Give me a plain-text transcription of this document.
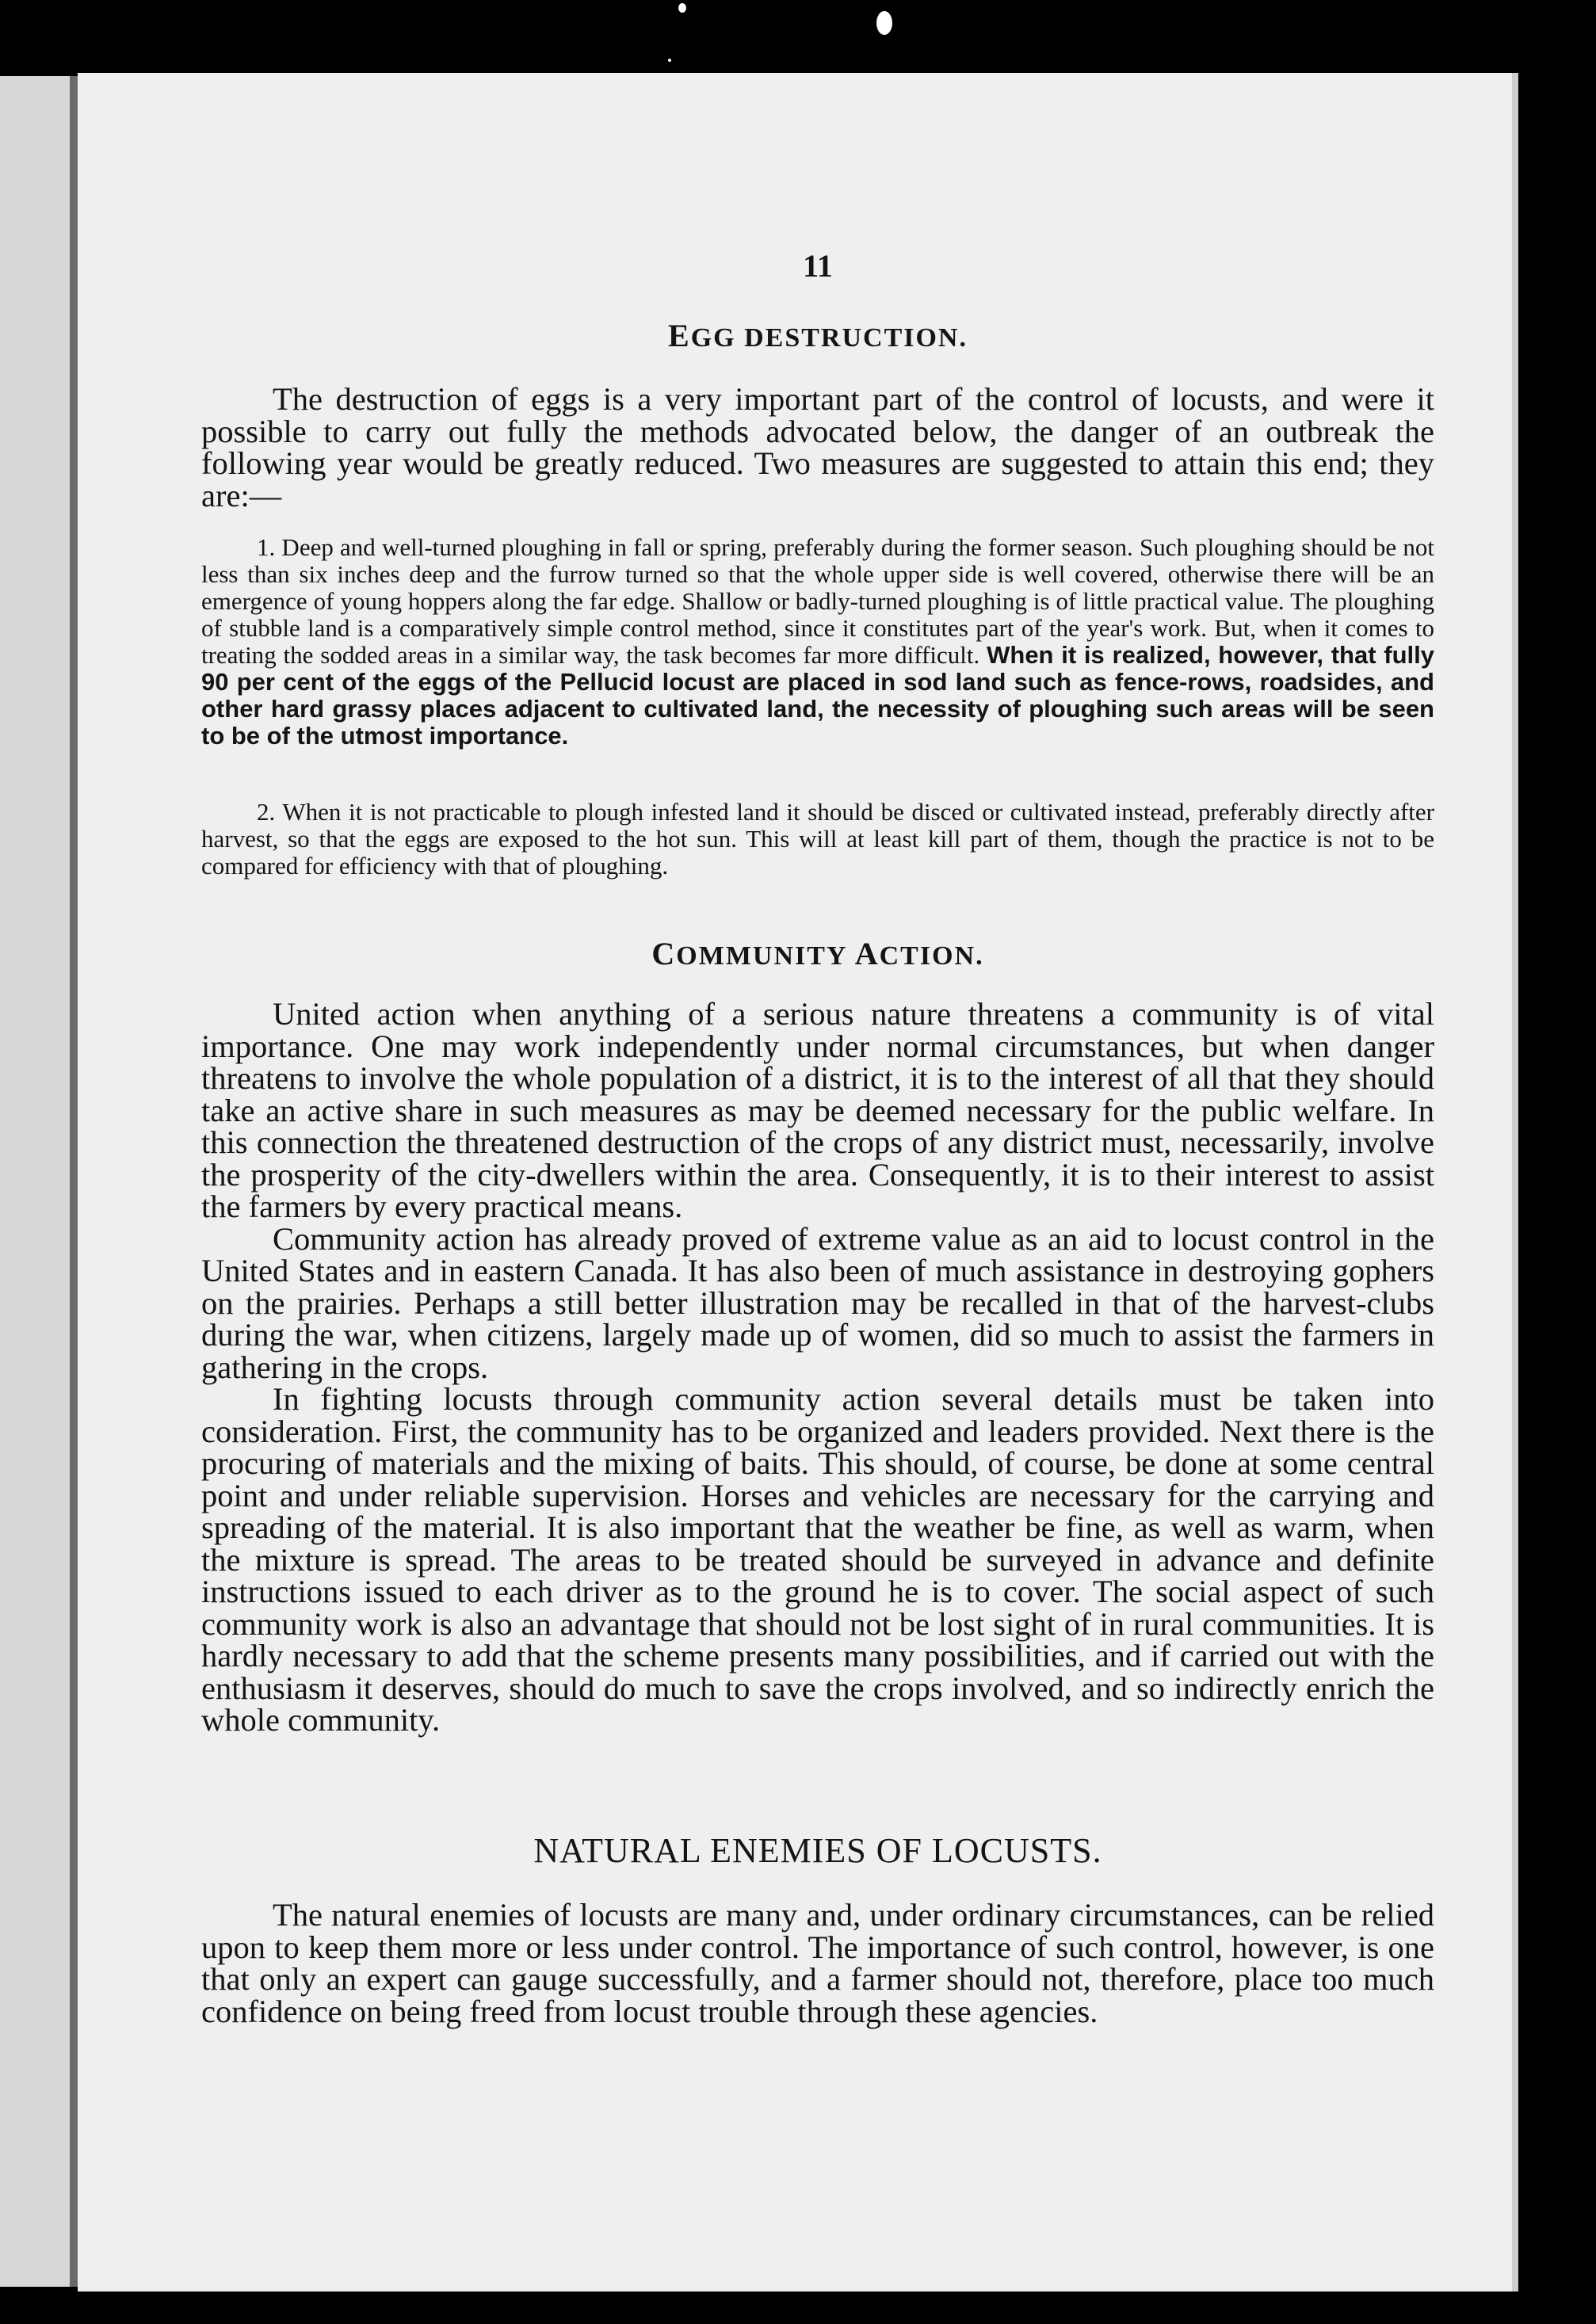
11
EGG DESTRUCTION.

The destruction of eggs is a very important part of the control of locusts, and were it possible to carry out fully the methods advocated below, the danger of an outbreak the following year would be greatly reduced. Two measures are suggested to attain this end; they are:—

1. Deep and well-turned ploughing in fall or spring, preferably during the former season. Such ploughing should be not less than six inches deep and the furrow turned so that the whole upper side is well covered, otherwise there will be an emergence of young hoppers along the far edge. Shallow or badly-turned ploughing is of little practical value. The ploughing of stubble land is a comparatively simple control method, since it constitutes part of the year's work. But, when it comes to treating the sodded areas in a similar way, the task becomes far more difficult. When it is realized, however, that fully 90 per cent of the eggs of the Pellucid locust are placed in sod land such as fence-rows, roadsides, and other hard grassy places adjacent to cultivated land, the necessity of ploughing such areas will be seen to be of the utmost importance.

2. When it is not practicable to plough infested land it should be disced or cultivated instead, preferably directly after harvest, so that the eggs are exposed to the hot sun. This will at least kill part of them, though the practice is not to be compared for efficiency with that of ploughing.

COMMUNITY ACTION.

United action when anything of a serious nature threatens a community is of vital importance. One may work independently under normal circumstances, but when danger threatens to involve the whole population of a district, it is to the interest of all that they should take an active share in such measures as may be deemed necessary for the public welfare. In this connection the threatened destruction of the crops of any district must, necessarily, involve the prosperity of the city-dwellers within the area. Consequently, it is to their interest to assist the farmers by every practical means.

Community action has already proved of extreme value as an aid to locust control in the United States and in eastern Canada. It has also been of much assistance in destroying gophers on the prairies. Perhaps a still better illustration may be recalled in that of the harvest-clubs during the war, when citizens, largely made up of women, did so much to assist the farmers in gathering in the crops.

In fighting locusts through community action several details must be taken into consideration. First, the community has to be organized and leaders provided. Next there is the procuring of materials and the mixing of baits. This should, of course, be done at some central point and under reliable supervision. Horses and vehicles are necessary for the carrying and spreading of the material. It is also important that the weather be fine, as well as warm, when the mixture is spread. The areas to be treated should be surveyed in advance and definite instructions issued to each driver as to the ground he is to cover. The social aspect of such community work is also an advantage that should not be lost sight of in rural communities. It is hardly necessary to add that the scheme presents many possibilities, and if carried out with the enthusiasm it deserves, should do much to save the crops involved, and so indirectly enrich the whole community.

NATURAL ENEMIES OF LOCUSTS.

The natural enemies of locusts are many and, under ordinary circumstances, can be relied upon to keep them more or less under control. The importance of such control, however, is one that only an expert can gauge successfully, and a farmer should not, therefore, place too much confidence on being freed from locust trouble through these agencies.
